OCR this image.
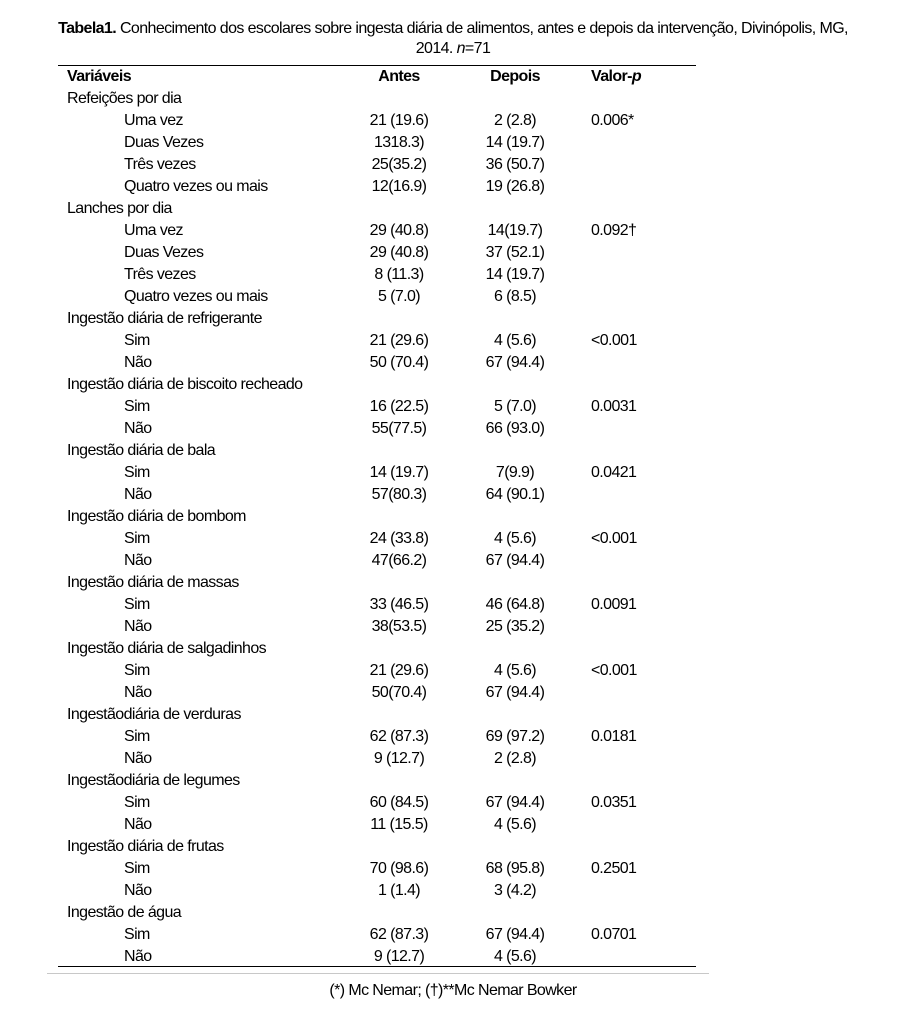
Tabela1. Conhecimento dos escolares sobre ingesta diária de alimentos, antes e depois da intervenção, Divinópolis, MG,
2014. n=71
Variáveis	Antes	Depois	Valor-p
Refeições por dia
Uma vez	21 (19.6)	2 (2.8)	0.006*
Duas Vezes	1318.3)	14 (19.7)
Três vezes	25(35.2)	36 (50.7)
Quatro vezes ou mais	12(16.9)	19 (26.8)
Lanches por dia
Uma vez	29 (40.8)	14(19.7)	0.092†
Duas Vezes	29 (40.8)	37 (52.1)
Três vezes	8 (11.3)	14 (19.7)
Quatro vezes ou mais	5 (7.0)	6 (8.5)
Ingestão diária de refrigerante
Sim	21 (29.6)	4 (5.6)	<0.001
Não	50 (70.4)	67 (94.4)
Ingestão diária de biscoito recheado
Sim	16 (22.5)	5 (7.0)	0.0031
Não	55(77.5)	66 (93.0)
Ingestão diária de bala
Sim	14 (19.7)	7(9.9)	0.0421
Não	57(80.3)	64 (90.1)
Ingestão diária de bombom
Sim	24 (33.8)	4 (5.6)	<0.001
Não	47(66.2)	67 (94.4)
Ingestão diária de massas
Sim	33 (46.5)	46 (64.8)	0.0091
Não	38(53.5)	25 (35.2)
Ingestão diária de salgadinhos
Sim	21 (29.6)	4 (5.6)	<0.001
Não	50(70.4)	67 (94.4)
Ingestãodiária de verduras
Sim	62 (87.3)	69 (97.2)	0.0181
Não	9 (12.7)	2 (2.8)
Ingestãodiária de legumes
Sim	60 (84.5)	67 (94.4)	0.0351
Não	11 (15.5)	4 (5.6)
Ingestão diária de frutas
Sim	70 (98.6)	68 (95.8)	0.2501
Não	1 (1.4)	3 (4.2)
Ingestão de água
Sim	62 (87.3)	67 (94.4)	0.0701
Não	9 (12.7)	4 (5.6)
(*) Mc Nemar; (†)**Mc Nemar Bowker
